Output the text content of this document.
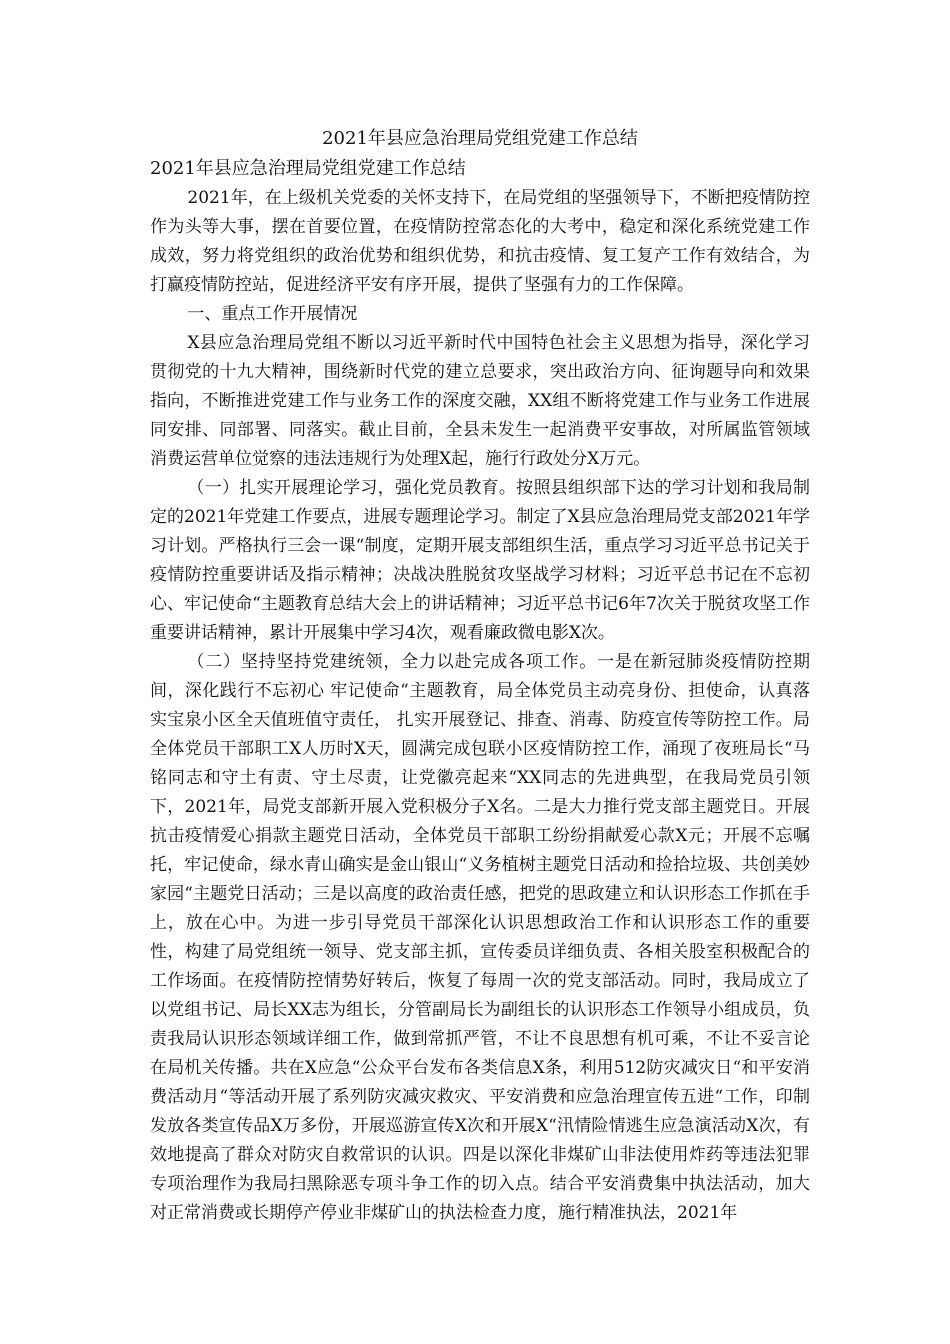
2021年县应急治理局党组党建工作总结
2021年县应急治理局党组党建工作总结

2021年，在上级机关党委的关怀支持下，在局党组的坚强领导下，不断把疫情防控作为头等大事，摆在首要位置，在疫情防控常态化的大考中，稳定和深化系统党建工作成效，努力将党组织的政治优势和组织优势，和抗击疫情、复工复产工作有效结合，为打赢疫情防控站，促进经济平安有序开展，提供了坚强有力的工作保障。

一、重点工作开展情况

X县应急治理局党组不断以习近平新时代中国特色社会主义思想为指导，深化学习贯彻党的十九大精神，围绕新时代党的建立总要求，突出政治方向、征询题导向和效果指向，不断推进党建工作与业务工作的深度交融，XX组不断将党建工作与业务工作进展同安排、同部署、同落实。截止目前，全县未发生一起消费平安事故，对所属监管领域消费运营单位觉察的违法违规行为处理X起，施行行政处分X万元。

（一）扎实开展理论学习，强化党员教育。按照县组织部下达的学习计划和我局制定的2021年党建工作要点，进展专题理论学习。制定了X县应急治理局党支部2021年学习计划。严格执行三会一课“制度，定期开展支部组织生活，重点学习习近平总书记关于疫情防控重要讲话及指示精神；决战决胜脱贫攻坚战学习材料；习近平总书记在不忘初心、牢记使命“主题教育总结大会上的讲话精神；习近平总书记6年7次关于脱贫攻坚工作重要讲话精神，累计开展集中学习4次，观看廉政微电影X次。

（二）坚持坚持党建统领，全力以赴完成各项工作。一是在新冠肺炎疫情防控期间，深化践行不忘初心 牢记使命“主题教育，局全体党员主动亮身份、担使命，认真落实宝泉小区全天值班值守责任， 扎实开展登记、排查、消毒、防疫宣传等防控工作。局全体党员干部职工X人历时X天，圆满完成包联小区疫情防控工作，涌现了夜班局长“马铭同志和守土有责、守土尽责，让党徽亮起来“XX同志的先进典型，在我局党员引领下，2021年，局党支部新开展入党积极分子X名。二是大力推行党支部主题党日。开展抗击疫情爱心捐款主题党日活动，全体党员干部职工纷纷捐献爱心款X元；开展不忘嘱托，牢记使命，绿水青山确实是金山银山“义务植树主题党日活动和捡拾垃圾、共创美妙家园“主题党日活动；三是以高度的政治责任感，把党的思政建立和认识形态工作抓在手上，放在心中。为进一步引导党员干部深化认识思想政治工作和认识形态工作的重要性，构建了局党组统一领导、党支部主抓，宣传委员详细负责、各相关股室积极配合的工作场面。在疫情防控情势好转后，恢复了每周一次的党支部活动。同时，我局成立了以党组书记、局长XX志为组长，分管副局长为副组长的认识形态工作领导小组成员，负责我局认识形态领域详细工作，做到常抓严管，不让不良思想有机可乘，不让不妥言论在局机关传播。共在X应急“公众平台发布各类信息X条，利用512防灾减灾日“和平安消费活动月“等活动开展了系列防灾减灾救灾、平安消费和应急治理宣传五进“工作，印制发放各类宣传品X万多份，开展巡游宣传X次和开展X“汛情险情逃生应急演活动X次，有效地提高了群众对防灾自救常识的认识。四是以深化非煤矿山非法使用炸药等违法犯罪专项治理作为我局扫黑除恶专项斗争工作的切入点。结合平安消费集中执法活动，加大对正常消费或长期停产停业非煤矿山的执法检查力度，施行精准执法，2021年
